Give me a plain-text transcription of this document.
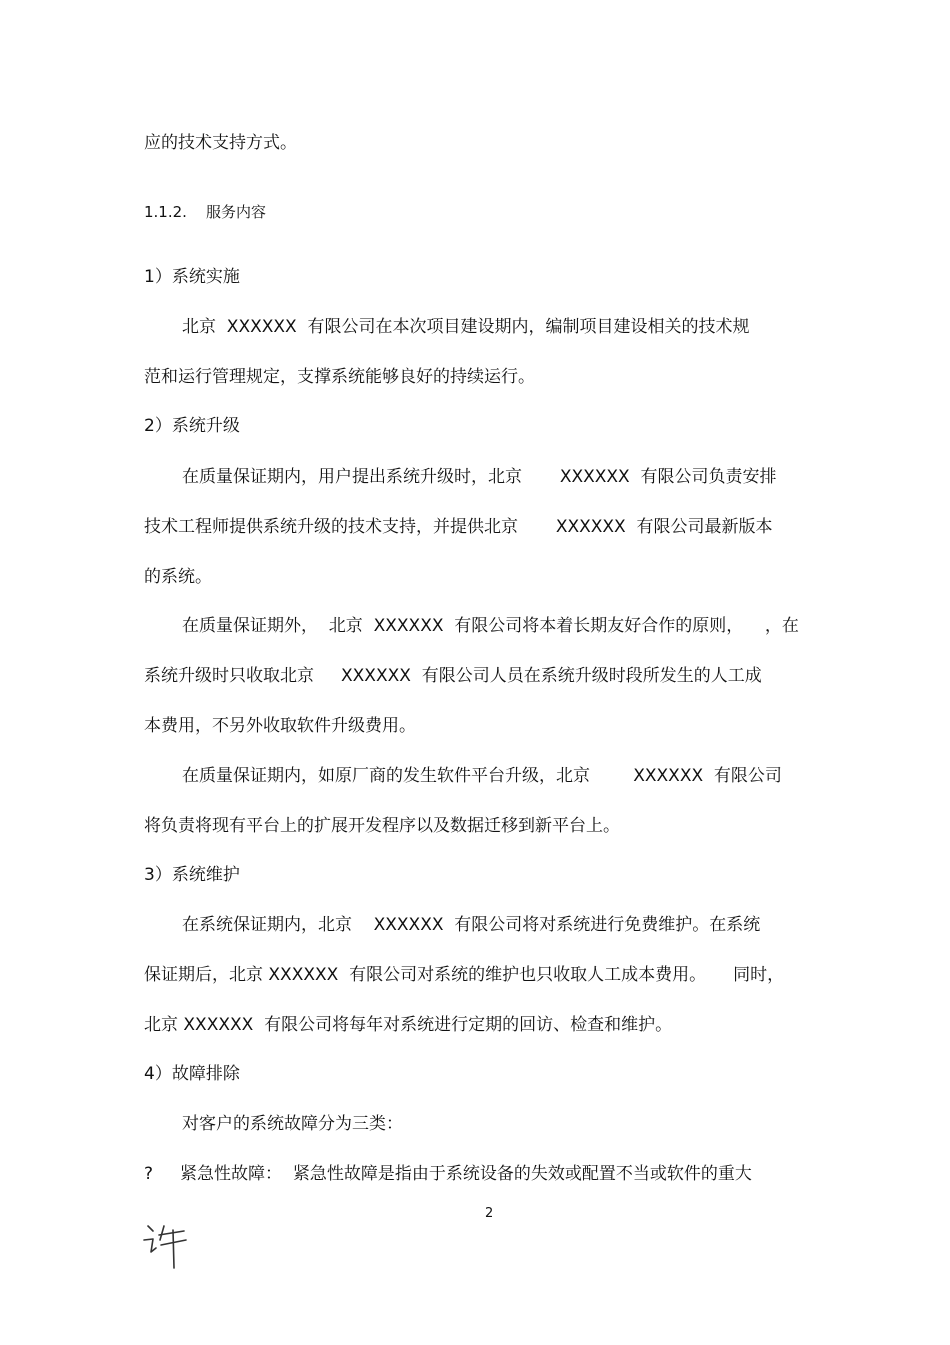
应的技术支持方式。

1.1.2.    服务内容

1）系统实施

北京  XXXXXX  有限公司在本次项目建设期内，编制项目建设相关的技术规

范和运行管理规定，支撑系统能够良好的持续运行。

2）系统升级

在质量保证期内，用户提出系统升级时，北京       XXXXXX  有限公司负责安排

技术工程师提供系统升级的技术支持，并提供北京       XXXXXX  有限公司最新版本

的系统。

在质量保证期外，  北京  XXXXXX  有限公司将本着长期友好合作的原则，    ，在

系统升级时只收取北京     XXXXXX  有限公司人员在系统升级时段所发生的人工成

本费用，不另外收取软件升级费用。

在质量保证期内，如原厂商的发生软件平台升级，北京        XXXXXX  有限公司

将负责将现有平台上的扩展开发程序以及数据迁移到新平台上。

3）系统维护

在系统保证期内，北京    XXXXXX  有限公司将对系统进行免费维护。在系统

保证期后，北京 XXXXXX  有限公司对系统的维护也只收取人工成本费用。     同时，

北京 XXXXXX  有限公司将每年对系统进行定期的回访、检查和维护。

4）故障排除

对客户的系统故障分为三类：

?     紧急性故障：  紧急性故障是指由于系统设备的失效或配置不当或软件的重大

2
